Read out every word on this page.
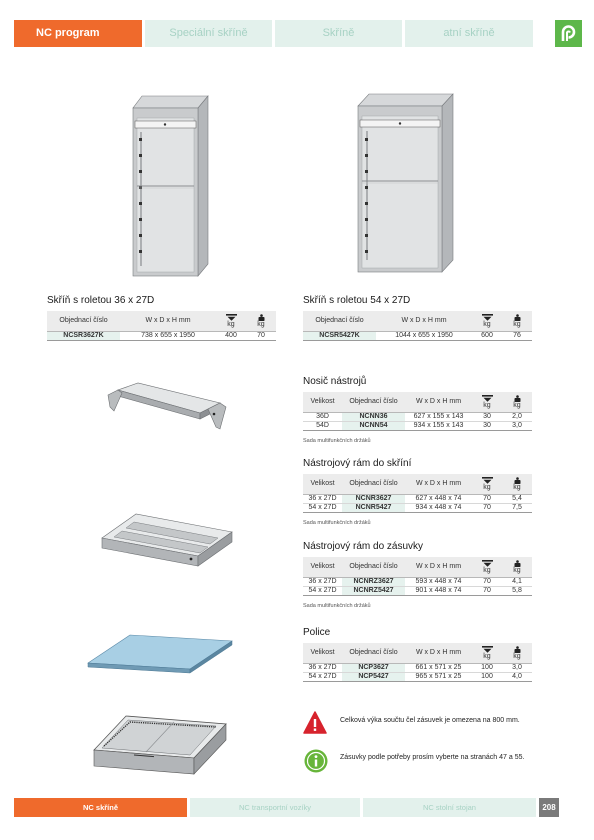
NC program	Speciální skříně	Skříně	atní skříně
Skříň s roletou 36 x 27D
Objednací číslo	W x D x H mm	kg	kg

NCSR3627K	738 x 655 x 1950	400	70
Skříň s roletou 54 x 27D
Objednací číslo	W x D x H mm	kg	kg

NCSR5427K	1044 x 655 x 1950	600	76
Nosič nástrojů
Velikost	Objednací číslo	W x D x H mm	kg	kg

36D	NCNN36	627 x 155 x 143	30	2,0
54D	NCNN54	934 x 155 x 143	30	3,0
Sada multifunkčních držáků
Nástrojový rám do skříní
Velikost	Objednací číslo	W x D x H mm	kg	kg

36 x 27D	NCNR3627	627 x 448 x 74	70	5,4
54 x 27D	NCNR5427	934 x 448 x 74	70	7,5
Sada multifunkčních držáků
Nástrojový rám do zásuvky
Velikost	Objednací číslo	W x D x H mm	kg	kg

36 x 27D	NCNRZ3627	593 x 448 x 74	70	4,1
54 x 27D	NCNRZ5427	901 x 448 x 74	70	5,8
Sada multifunkčních držáků
Police
Velikost	Objednací číslo	W x D x H mm	kg	kg

36 x 27D	NCP3627	661 x 571 x 25	100	3,0
54 x 27D	NCP5427	965 x 571 x 25	100	4,0
Celková výka součtu čel zásuvek je omezena na 800 mm.
Zásuvky podle potřeby prosím vyberte na stranách 47 a 55.
NC skříně	NC transportní vozíky	NC stolní stojan	208
